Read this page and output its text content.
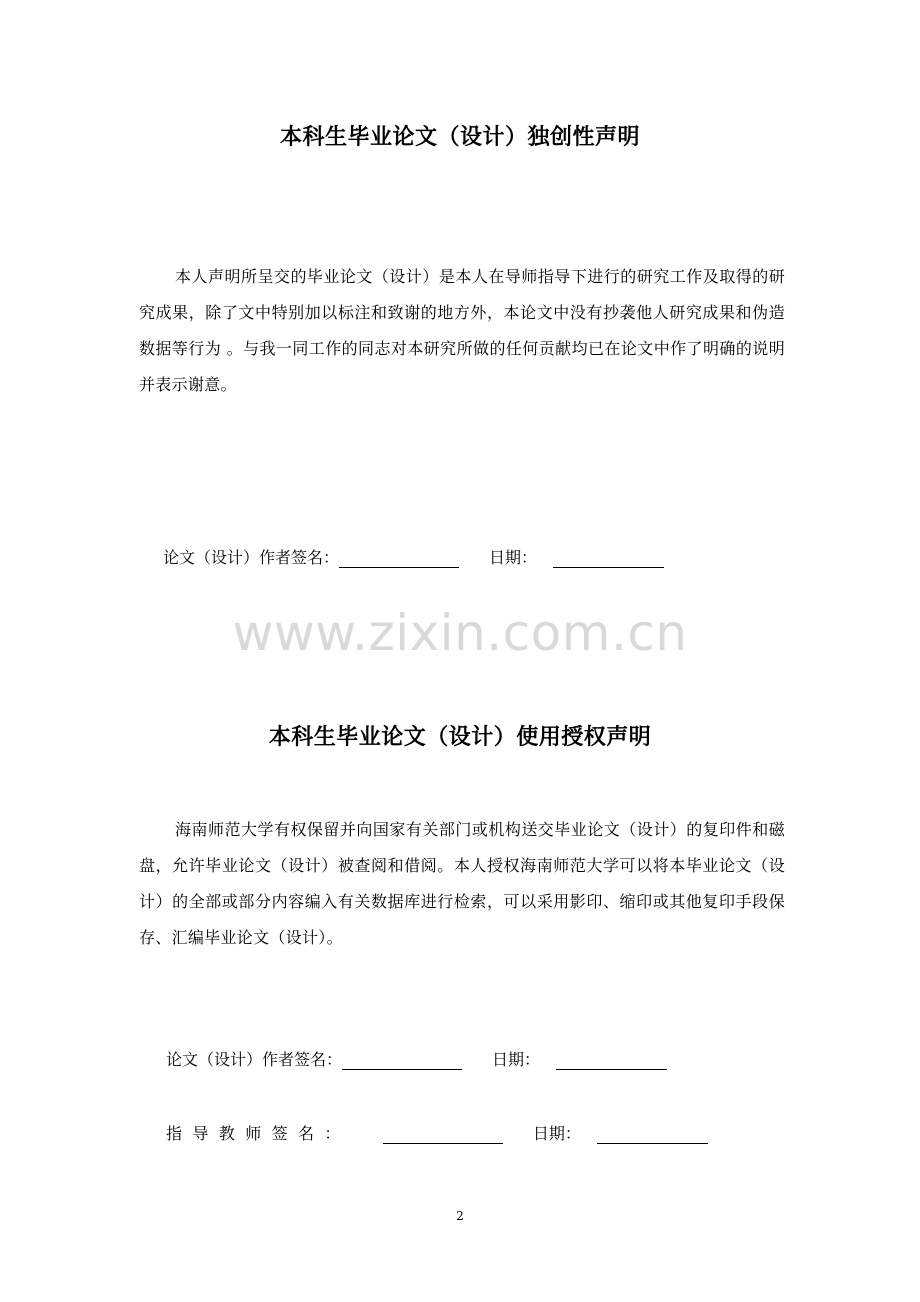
本科生毕业论文（设计）独创性声明
本人声明所呈交的毕业论文（设计）是本人在导师指导下进行的研究工作及取得的研究成果，除了文中特别加以标注和致谢的地方外，本论文中没有抄袭他人研究成果和伪造数据等行为 。与我一同工作的同志对本研究所做的任何贡献均已在论文中作了明确的说明并表示谢意。
论文（设计）作者签名：	日期：
www.zixin.com.cn
本科生毕业论文（设计）使用授权声明
海南师范大学有权保留并向国家有关部门或机构送交毕业论文（设计）的复印件和磁盘，允许毕业论文（设计）被查阅和借阅。本人授权海南师范大学可以将本毕业论文（设计）的全部或部分内容编入有关数据库进行检索，可以采用影印、缩印或其他复印手段保存、汇编毕业论文（设计）。
论文（设计）作者签名：	日期：
指导教师签名：	日期：
2
